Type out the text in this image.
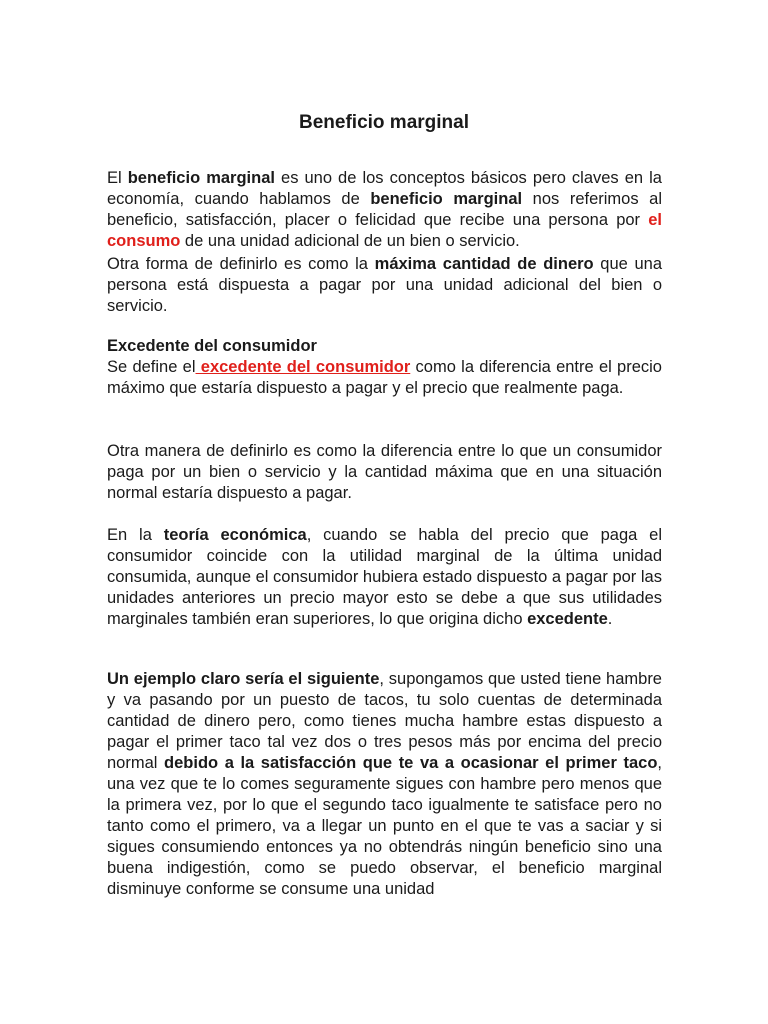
Beneficio marginal

El beneficio marginal es uno de los conceptos básicos pero claves en la economía, cuando hablamos de beneficio marginal nos referimos al beneficio, satisfacción, placer o felicidad que recibe una persona por el consumo de una unidad adicional de un bien o servicio.

Otra forma de definirlo es como la máxima cantidad de dinero que una persona está dispuesta a pagar por una unidad adicional del bien o servicio.

Excedente del consumidor

Se define el excedente del consumidor como la diferencia entre el precio máximo que estaría dispuesto a pagar y el precio que realmente paga.

Otra manera de definirlo es como la diferencia entre lo que un consumidor paga por un bien o servicio y la cantidad máxima que en una situación normal estaría dispuesto a pagar.

En la teoría económica, cuando se habla del precio que paga el consumidor coincide con la utilidad marginal de la última unidad consumida, aunque el consumidor hubiera estado dispuesto a pagar por las unidades anteriores un precio mayor esto se debe a que sus utilidades marginales también eran superiores, lo que origina dicho excedente.

Un ejemplo claro sería el siguiente, supongamos que usted tiene hambre y va pasando por un puesto de tacos, tu solo cuentas de determinada cantidad de dinero pero, como tienes mucha hambre estas dispuesto a pagar el primer taco tal vez dos o tres pesos más por encima del precio normal debido a la satisfacción que te va a ocasionar el primer taco, una vez que te lo comes seguramente sigues con hambre pero menos que la primera vez, por lo que el segundo taco igualmente te satisface pero no tanto como el primero, va a llegar un punto en el que te vas a saciar y si sigues consumiendo entonces ya no obtendrás ningún beneficio sino una buena indigestión, como se puedo observar, el beneficio marginal disminuye conforme se consume una unidad
